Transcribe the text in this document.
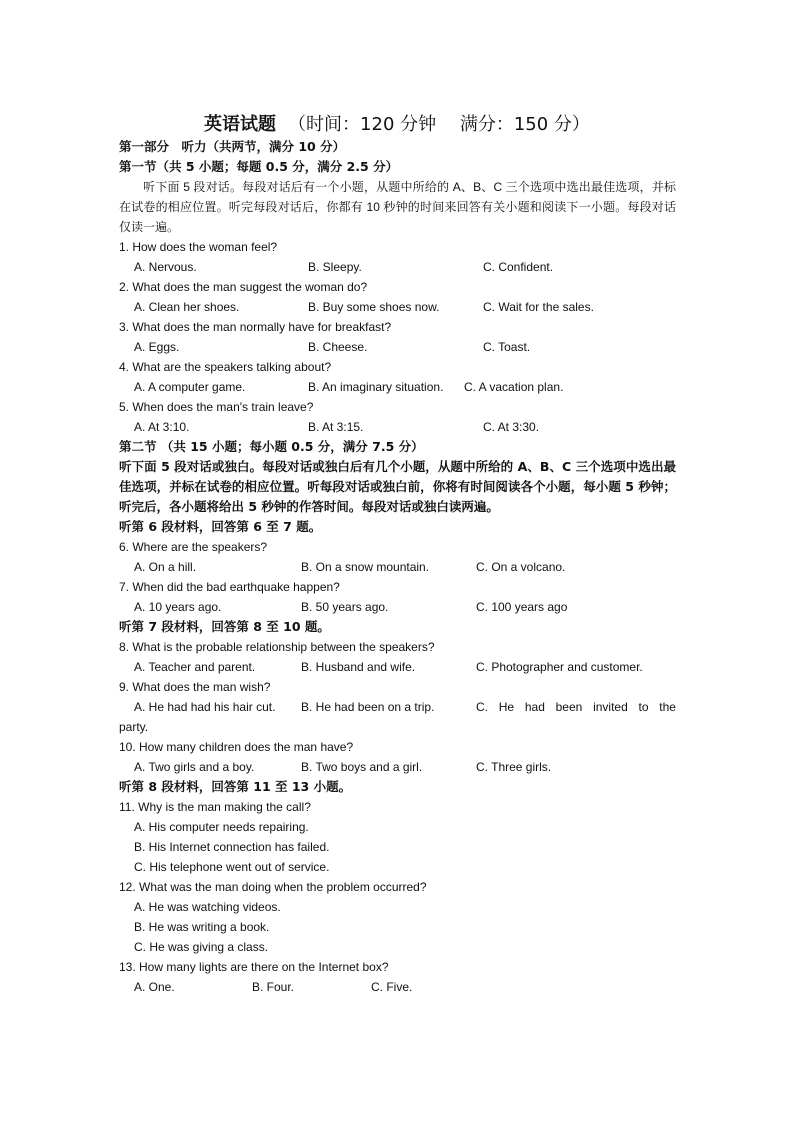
英语试题 （时间：120 分钟　 满分：150 分）
第一部分　听力（共两节，满分 10 分）
第一节（共 5 小题；每题 0.5 分，满分 2.5 分）
听下面 5 段对话。每段对话后有一个小题，从题中所给的 A、B、C 三个选项中选出最佳选项，并标在试卷的相应位置。听完每段对话后，你都有 10 秒钟的时间来回答有关小题和阅读下一小题。每段对话仅读一遍。
1. How does the woman feel?
A. Nervous.	B. Sleepy.	C. Confident.
2. What does the man suggest the woman do?
A. Clean her shoes.	B. Buy some shoes now.	C. Wait for the sales.
3. What does the man normally have for breakfast?
A. Eggs.	B. Cheese.	C. Toast.
4. What are the speakers talking about?
A. A computer game.	B. An imaginary situation. C. A vacation plan.
5. When does the man's train leave?
A. At 3:10.	B. At 3:15.	C. At 3:30.
第二节 （共 15 小题；每小题 0.5 分，满分 7.5 分）
听下面 5 段对话或独白。每段对话或独白后有几个小题，从题中所给的 A、B、C 三个选项中选出最佳选项，并标在试卷的相应位置。听每段对话或独白前，你将有时间阅读各个小题，每小题 5 秒钟；听完后，各小题将给出 5 秒钟的作答时间。每段对话或独白读两遍。
听第 6 段材料，回答第 6 至 7 题。
6. Where are the speakers?
A. On a hill.	B. On a snow mountain.	C. On a volcano.
7. When did the bad earthquake happen?
A. 10 years ago.	B. 50 years ago.	C. 100 years ago
听第 7 段材料，回答第 8 至 10 题。
8. What is the probable relationship between the speakers?
A. Teacher and parent.	B. Husband and wife.	C. Photographer and customer.
9. What does the man wish?
A. He had had his hair cut. B. He had been on a trip.	C. He had been invited to the
party.
10. How many children does the man have?
A. Two girls and a boy.	B. Two boys and a girl.	C. Three girls.
听第 8 段材料，回答第 11 至 13 小题。
11. Why is the man making the call?
A. His computer needs repairing.
B. His Internet connection has failed.
C. His telephone went out of service.
12. What was the man doing when the problem occurred?
A. He was watching videos.
B. He was writing a book.
C. He was giving a class.
13. How many lights are there on the Internet box?
A. One.	B. Four.	C. Five.
